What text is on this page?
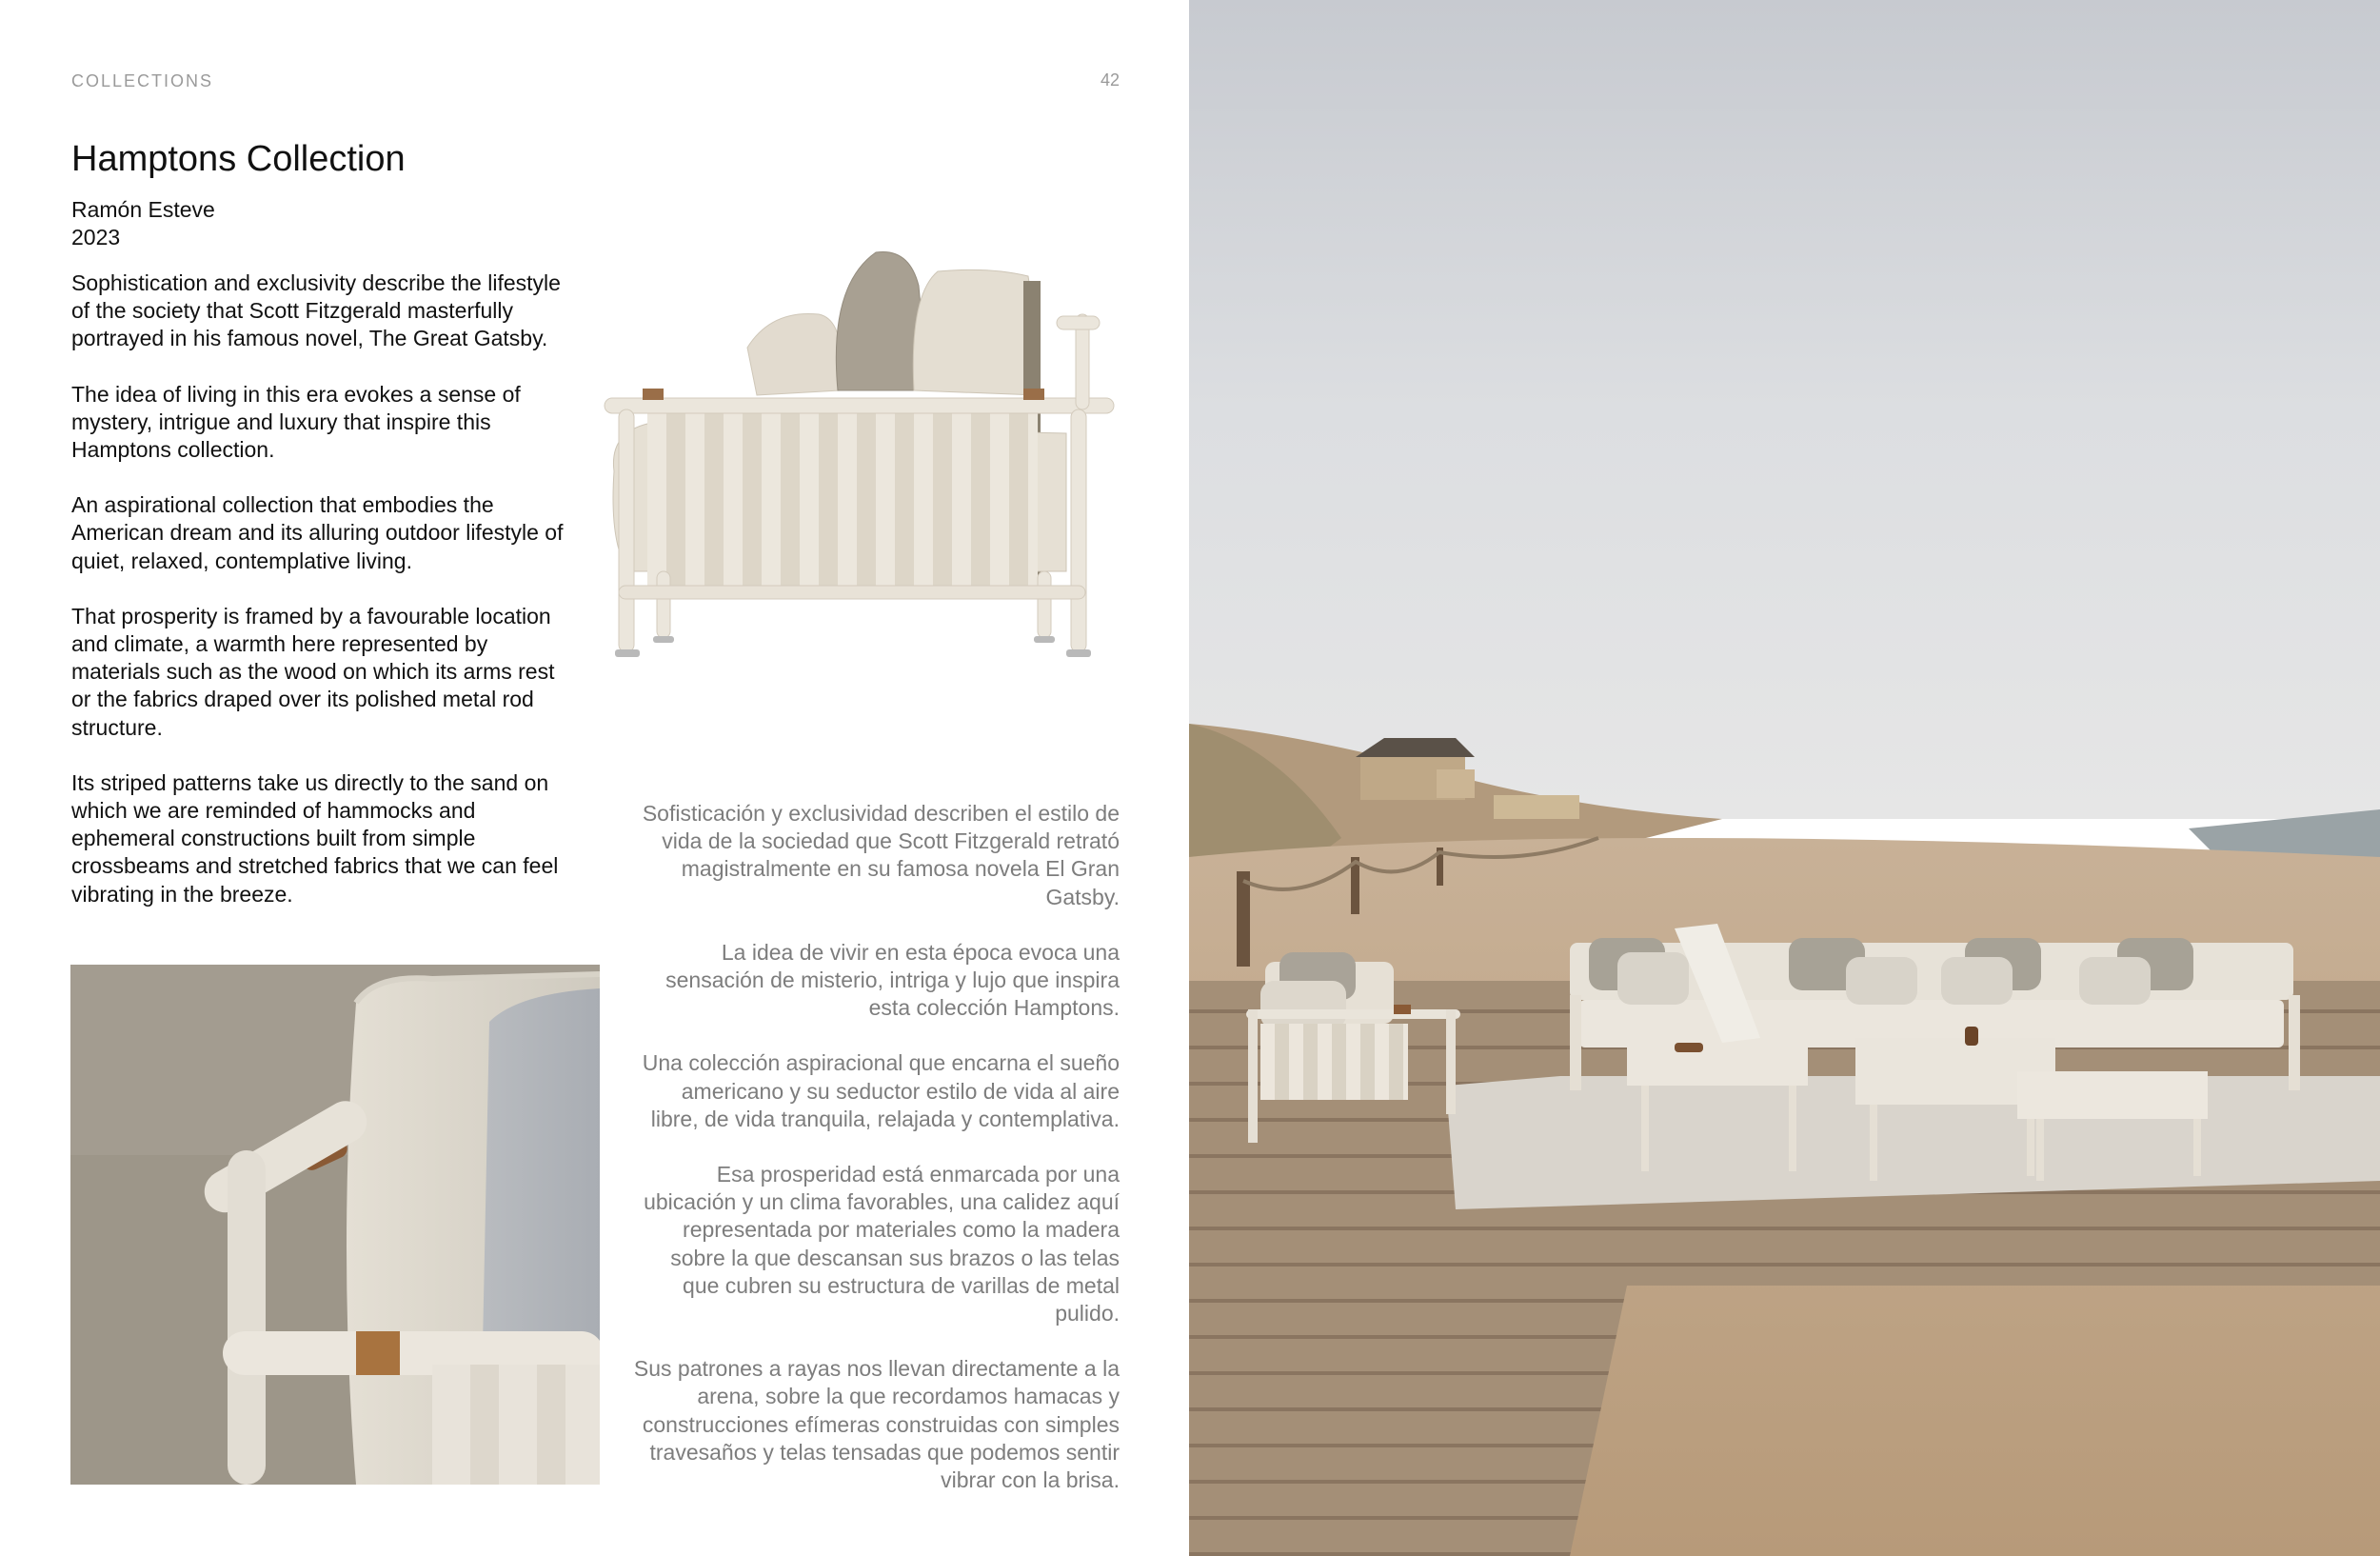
COLLECTIONS	42
Hamptons Collection
Ramón Esteve
2023

Sophistication and exclusivity describe the lifestyle of the society that Scott Fitzgerald masterfully portrayed in his famous novel, The Great Gatsby.

The idea of living in this era evokes a sense of mystery, intrigue and luxury that inspire this Hamptons collection.

An aspirational collection that embodies the American dream and its alluring outdoor lifestyle of quiet, relaxed, contemplative living.

That prosperity is framed by a favourable location and climate, a warmth here represented by materials such as the wood on which its arms rest or the fabrics draped over its polished metal rod structure.

Its striped patterns take us directly to the sand on which we are reminded of hammocks and ephemeral constructions built from simple crossbeams and stretched fabrics that we can feel vibrating in the breeze.

Sofisticación y exclusividad describen el estilo de vida de la sociedad que Scott Fitzgerald retrató magistralmente en su famosa novela El Gran Gatsby.

La idea de vivir en esta época evoca una sensación de misterio, intriga y lujo que inspira esta colección Hamptons.

Una colección aspiracional que encarna el sueño americano y su seductor estilo de vida al aire libre, de vida tranquila, relajada y contemplativa.

Esa prosperidad está enmarcada por una ubicación y un clima favorables, una calidez aquí representada por materiales como la madera sobre la que descansan sus brazos o las telas que cubren su estructura de varillas de metal pulido.

Sus patrones a rayas nos llevan directamente a la arena, sobre la que recordamos hamacas y construcciones efímeras construidas con simples travesaños y telas tensadas que podemos sentir vibrar con la brisa.
